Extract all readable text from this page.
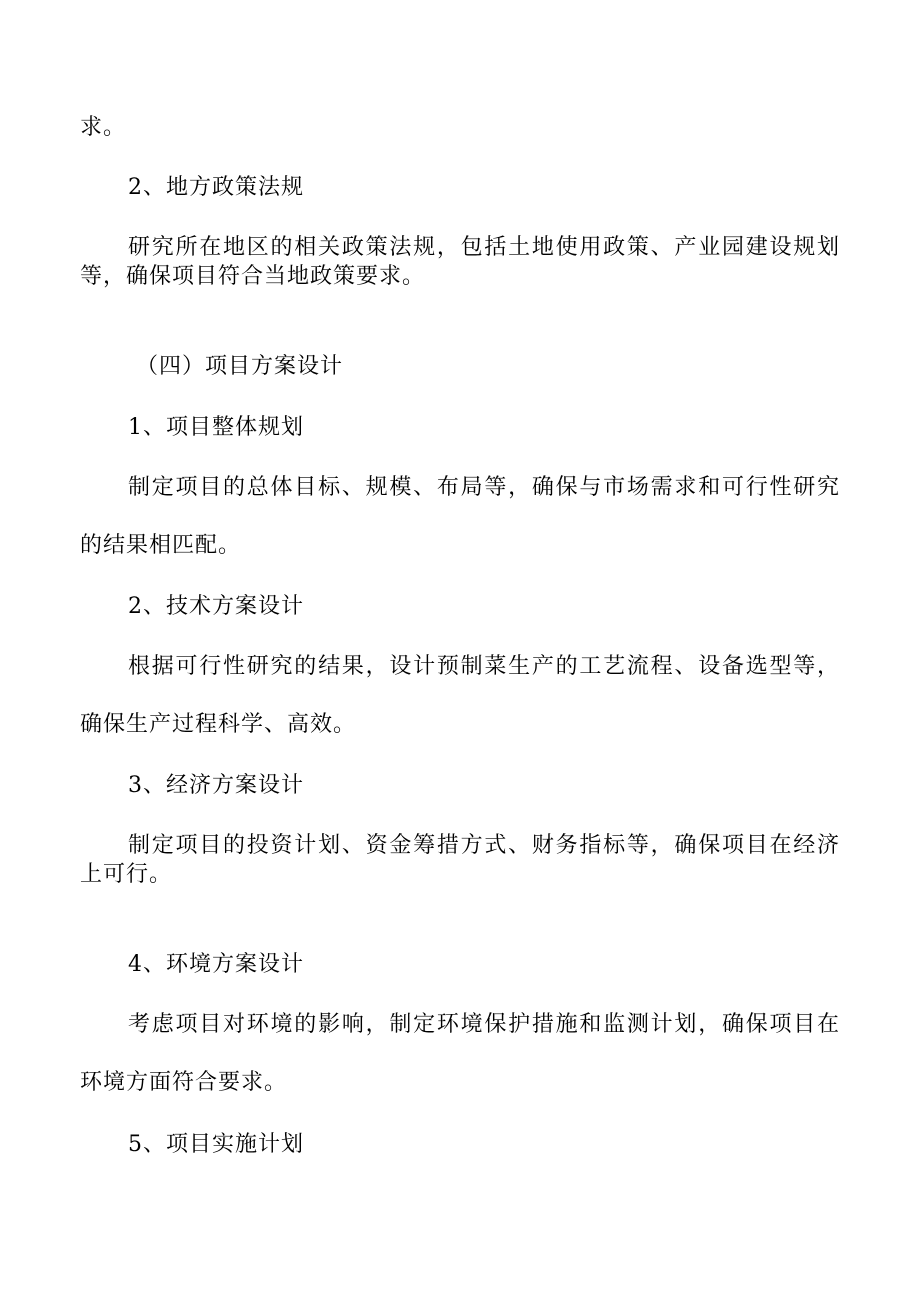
求。
2、地方政策法规
研究所在地区的相关政策法规，包括土地使用政策、产业园建设规划
等，确保项目符合当地政策要求。
（四）项目方案设计
1、项目整体规划
制定项目的总体目标、规模、布局等，确保与市场需求和可行性研究
的结果相匹配。
2、技术方案设计
根据可行性研究的结果，设计预制菜生产的工艺流程、设备选型等，
确保生产过程科学、高效。
3、经济方案设计
制定项目的投资计划、资金筹措方式、财务指标等，确保项目在经济
上可行。
4、环境方案设计
考虑项目对环境的影响，制定环境保护措施和监测计划，确保项目在
环境方面符合要求。
5、项目实施计划
